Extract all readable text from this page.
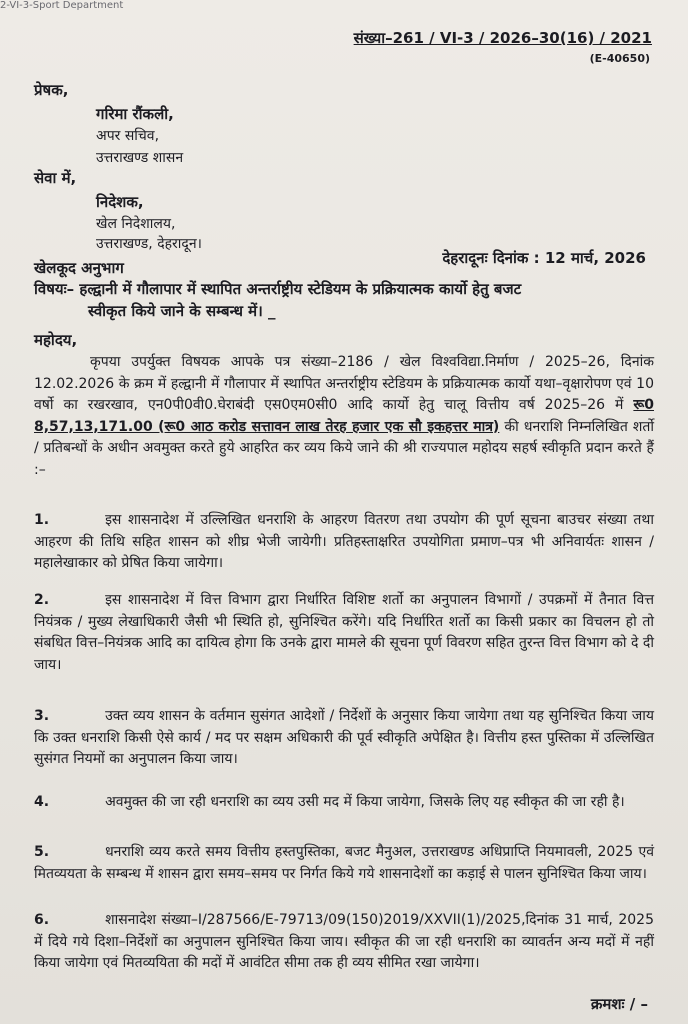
2-VI-3-Sport Department
संख्या–261 / VI-3 / 2026–30(16) / 2021
(E-40650)
प्रेषक,
गरिमा रौंकली,
अपर सचिव,
उत्तराखण्ड शासन
सेवा में,
निदेशक,
खेल निदेशालय,
उत्तराखण्ड, देहरादून।
खेलकूद अनुभाग
देहरादूनः दिनांक : 12 मार्च, 2026
विषयः– हल्द्वानी में गौलापार में स्थापित अन्तर्राष्ट्रीय स्टेडियम के प्रक्रियात्मक कार्यो हेतु बजट
स्वीकृत किये जाने के सम्बन्ध में। _
महोदय,
कृपया उपर्युक्त विषयक आपके पत्र संख्या–2186 / खेल विश्वविद्या.निर्माण / 2025–26, दिनांक 12.02.2026 के क्रम में हल्द्वानी में गौलापार में स्थापित अन्तर्राष्ट्रीय स्टेडियम के प्रक्रियात्मक कार्यो यथा–वृक्षारोपण एवं 10 वर्षो का रखरखाव, एन0पी0वी0.घेराबंदी एस0एम0सी0 आदि कार्यो हेतु चालू वित्तीय वर्ष 2025–26 में रू0 8,57,13,171.00 (रू0 आठ करोड सत्तावन लाख तेरह हजार एक सौ इकहत्तर मात्र) की धनराशि निम्नलिखित शर्तो / प्रतिबन्धों के अधीन अवमुक्त करते हुये आहरित कर व्यय किये जाने की श्री राज्यपाल महोदय सहर्ष स्वीकृति प्रदान करते हैं :–
1.	इस शासनादेश में उल्लिखित धनराशि के आहरण वितरण तथा उपयोग की पूर्ण सूचना बाउचर संख्या तथा आहरण की तिथि सहित शासन को शीघ्र भेजी जायेगी। प्रतिहस्ताक्षरित उपयोगिता प्रमाण–पत्र भी अनिवार्यतः शासन / महालेखाकार को प्रेषित किया जायेगा।
2.	इस शासनादेश में वित्त विभाग द्वारा निर्धारित विशिष्ट शर्तो का अनुपालन विभागों / उपक्रमों में तैनात वित्त नियंत्रक / मुख्य लेखाधिकारी जैसी भी स्थिति हो, सुनिश्चित करेंगे। यदि निर्धारित शर्तो का किसी प्रकार का विचलन हो तो संबधित वित्त–नियंत्रक आदि का दायित्व होगा कि उनके द्वारा मामले की सूचना पूर्ण विवरण सहित तुरन्त वित्त विभाग को दे दी जाय।
3.	उक्त व्यय शासन के वर्तमान सुसंगत आदेशों / निर्देशों के अनुसार किया जायेगा तथा यह सुनिश्चित किया जाय कि उक्त धनराशि किसी ऐसे कार्य / मद पर सक्षम अधिकारी की पूर्व स्वीकृति अपेक्षित है। वित्तीय हस्त पुस्तिका में उल्लिखित सुसंगत नियमों का अनुपालन किया जाय।
4.	अवमुक्त की जा रही धनराशि का व्यय उसी मद में किया जायेगा, जिसके लिए यह स्वीकृत की जा रही है।
5.	धनराशि व्यय करते समय वित्तीय हस्तपुस्तिका, बजट मैनुअल, उत्तराखण्ड अधिप्राप्ति नियमावली, 2025 एवं मितव्ययता के सम्बन्ध में शासन द्वारा समय–समय पर निर्गत किये गये शासनादेशों का कड़ाई से पालन सुनिश्चित किया जाय।
6.	शासनादेश संख्या–I/287566/E-79713/09(150)2019/XXVII(1)/2025,दिनांक 31 मार्च, 2025 में दिये गये दिशा–निर्देशों का अनुपालन सुनिश्चित किया जाय। स्वीकृत की जा रही धनराशि का व्यावर्तन अन्य मदों में नहीं किया जायेगा एवं मितव्ययिता की मदों में आवंटित सीमा तक ही व्यय सीमित रखा जायेगा।
क्रमशः / –
